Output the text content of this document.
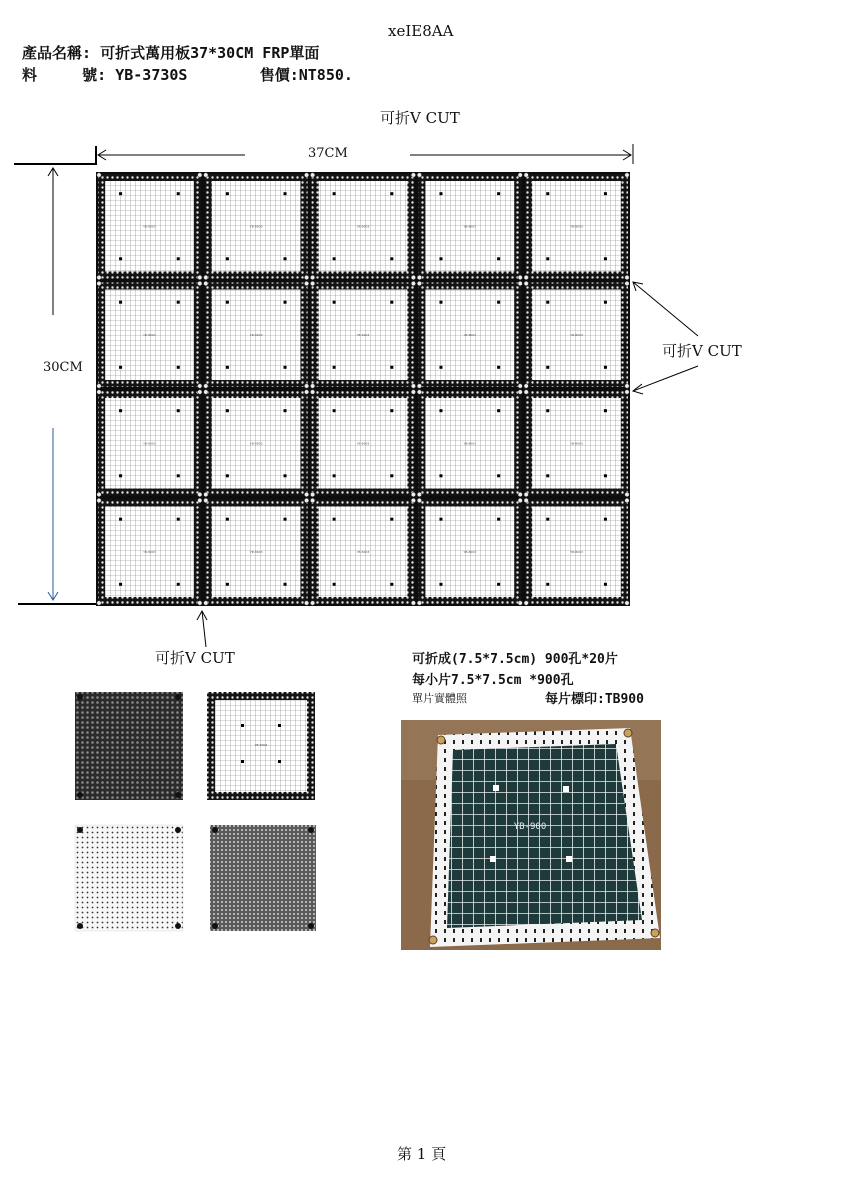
xeIE8AA
產品名稱: 可折式萬用板37*30CM FRP單面
料     號: YB-3730S	售價:NT850.
可折V CUT
可折V CUT
可折V CUT
37CM
30CM
可折成(7.5*7.5cm) 900孔*20片
每小片7.5*7.5cm *900孔
單片實體照	每片標印:TB900
第 1 頁
YB-8003	YB-8003	YB-8003	YB-8003	YB-8003
YB-8003	YB-8003	YB-8003	YB-8003	YB-8003
YB-8003	YB-8003	YB-8003	YB-8003	YB-8003
YB-8003	YB-8003	YB-8003	YB-8003	YB-8003
YB-8003
YB-900
